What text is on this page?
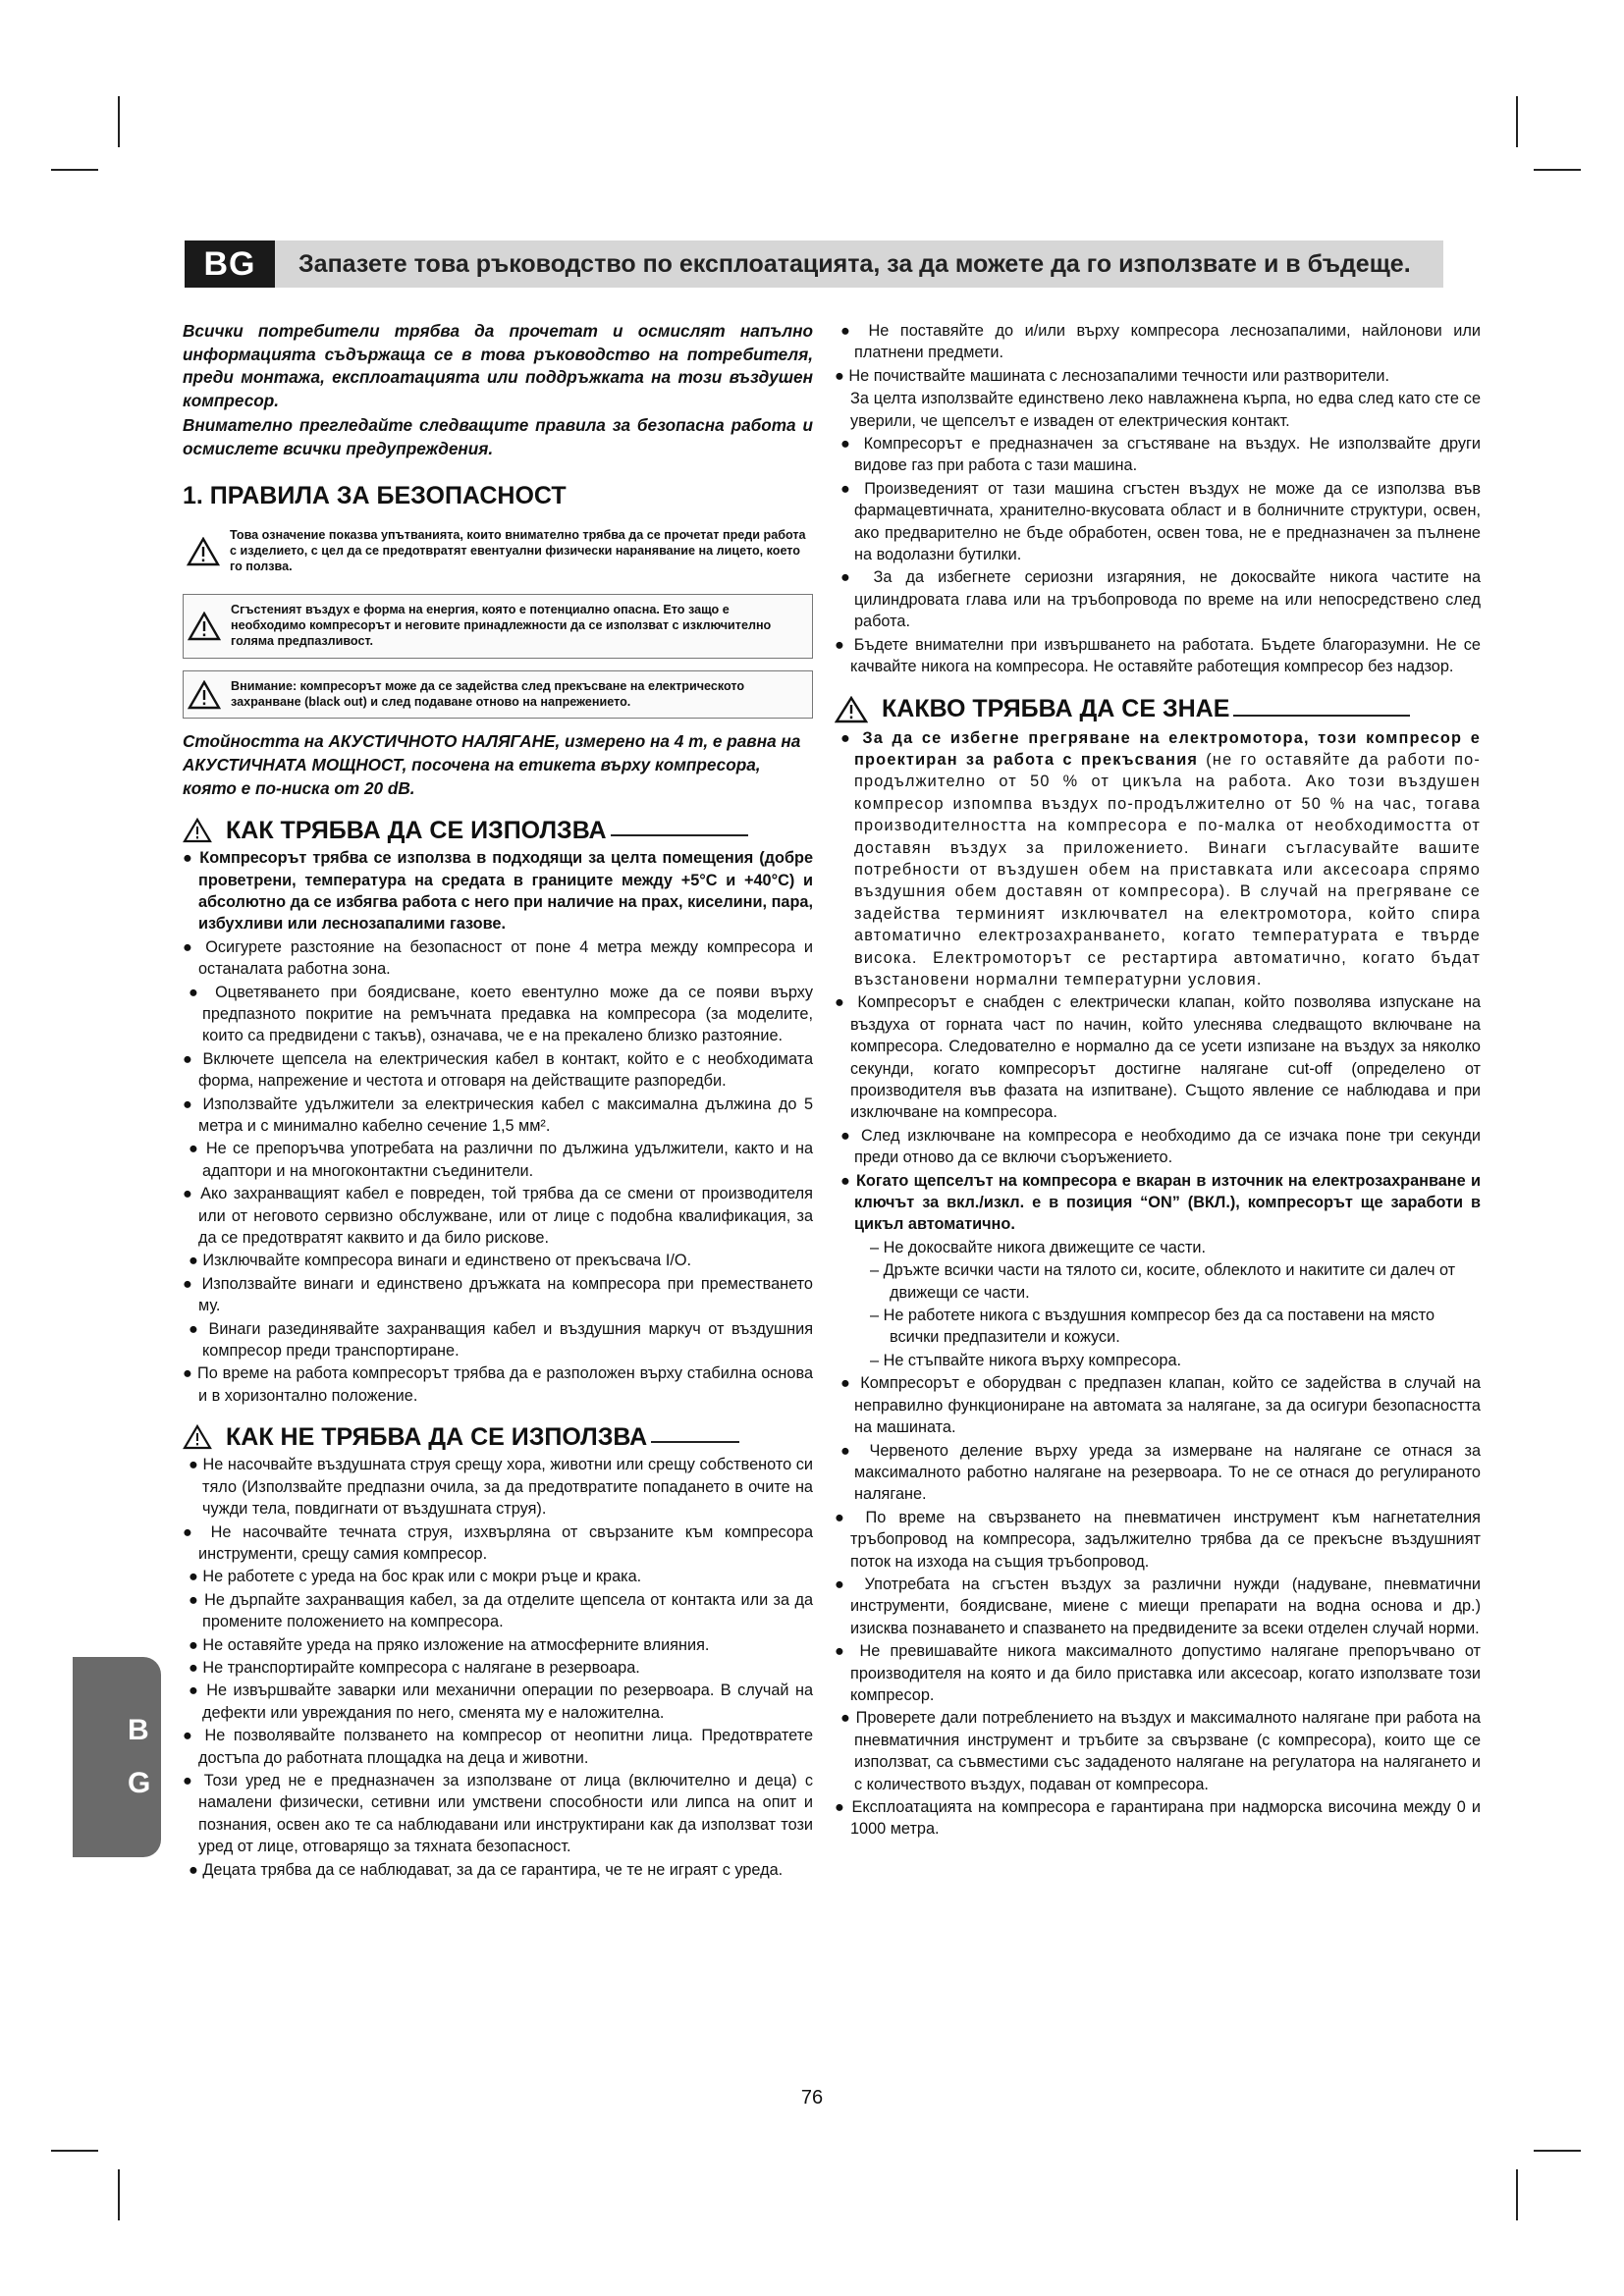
BG	Запазете това ръководство по експлоатацията, за да можете да го използвате и в бъдеще.

Всички потребители трябва да прочетат и осмислят напълно информацията съдържаща се в това ръководство на потребителя, преди монтажа, експлоатацията или поддръжката на този въздушен компресор.

Внимателно прегледайте следващите правила за безопасна работа и осмислете всички предупреждения.

1. ПРАВИЛА ЗА БЕЗОПАСНОСТ
Това означение показва упътванията, които внимателно трябва да се прочетат преди работа с изделието, с цел да се предотвратят евентуални физически наранявание на лицето, което го ползва.
Сгъстеният въздух е форма на енергия, която е потенциално опасна. Ето защо е необходимо компресорът и неговите принадлежности да се използват с изключително голяма предпазливост.
Внимание: компресорът може да се задейства след прекъсване на електрическото захранване (black out) и след подаване отново на напрежението.

Стойността на АКУСТИЧНОТО НАЛЯГАНЕ, измерено на 4 m, е равна на АКУСТИЧНАТА МОЩНОСТ, посочена на етикета върху компресора, която е по-ниска от 20 dB.

КАК ТРЯБВА ДА СЕ ИЗПОЛЗВА

● Компресорът трябва се използва в подходящи за целта помещения (добре проветрени, температура на средата в границите между +5°C и +40°C) и абсолютно да се избягва работа с него при наличие на прах, киселини, пара, избухливи или леснозапалими газове.

● Осигурете разстояние на безопасност от поне 4 метра между компресора и останалата работна зона.

● Оцветяването при боядисване, което евентулно може да се появи върху предпазното покритие на ремъчната предавка на компресора (за моделите, които са предвидени с такъв), означава, че е на прекалено близко разтояние.

● Включете щепсела на електрическия кабел в контакт, който е с необходимата форма, напрежение и честота и отговаря на действащите разпоредби.

● Използвайте удължители за електрическия кабел с максимална дължина до 5 метра и с минимално кабелно сечение 1,5 мм².

● Не се препоръчва употребата на различни по дължина удължители, както и на адаптори и на многоконтактни съединители.

● Ако захранващият кабел е повреден, той трябва да се смени от производителя или от неговото сервизно обслужване, или от лице с подобна квалификация, за да се предотвратят каквито и да било рискове.

● Изключвайте компресора винаги и единствено от прекъсвача I/O.

● Използвайте винаги и единствено дръжката на компресора при преместването му.

● Винаги разединявайте захранващия кабел и въздушния маркуч от въздушния компресор преди транспортиране.

● По време на работа компресорът трябва да е разположен върху стабилна основа и в хоризонтално положение.

КАК НЕ ТРЯБВА ДА СЕ ИЗПОЛЗВА

● Не насочвайте въздушната струя срещу хора, животни или срещу собственото си тяло (Използвайте предпазни очила, за да предотвратите попадането в очите на чужди тела, повдигнати от въздушната струя).

● Не насочвайте течната струя, изхвърляна от свързаните към компресора инструменти, срещу самия компресор.

● Не работете с уреда на бос крак или с мокри ръце и крака.

● Не дърпайте захранващия кабел, за да отделите щепсела от контакта или за да промените положението на компресора.

● Не оставяйте уреда на пряко изложение на атмосферните влияния.

● Не транспортирайте компресора с налягане в резервоара.

● Не извършвайте заварки или механични операции по резервоара. В случай на дефекти или увреждания по него, сменята му е наложителна.

● Не позволявайте ползването на компресор от неопитни лица. Предотвратете достъпа до работната площадка на деца и животни.

● Този уред не е предназначен за използване от лица (включително и деца) с намалени физически, сетивни или умствени способности или липса на опит и познания, освен ако те са наблюдавани или инструктирани как да използват този уред от лице, отговарящо за тяхната безопасност.

● Децата трябва да се наблюдават, за да се гарантира, че те не играят с уреда.

● Не поставяйте до и/или върху компресора леснозапалими, найлонови или платнени предмети.

● Не почиствайте машината с леснозапалими течности или разтворители.

За целта използвайте единствено леко навлажнена кърпа, но едва след като сте се уверили, че щепселът е изваден от електрическия контакт.

● Компресорът е предназначен за сгъстяване на въздух. Не използвайте други видове газ при работа с тази машина.

● Произведеният от тази машина сгъстен въздух не може да се използва във фармацевтичната, хранително-вкусовата област и в болничните структури, освен, ако предварително не бъде обработен, освен това, не е предназначен за пълнене на водолазни бутилки.

● За да избегнете сериозни изгаряния, не докосвайте никога частите на цилиндровата глава или на тръбопровода по време на или непосредствено след работа.

● Бъдете внимателни при извършването на работата. Бъдете благоразумни. Не се качвайте никога на компресора. Не оставяйте работещия компресор без надзор.

КАКВО ТРЯБВА ДА СЕ ЗНАЕ

● За да се избегне прегряване на електромотора, този компресор е проектиран за работа с прекъсвания (не го оставяйте да работи по-продължително от 50 % от цикъла на работа. Ако този въздушен компресор изпомпва въздух по-продължително от 50 % на час, тогава производителността на компресора е по-малка от необходимостта от доставян въздух за приложението. Винаги съгласувайте вашите потребности от въздушен обем на приставката или аксесоара спрямо въздушния обем доставян от компресора). В случай на прегряване се задейства терминият изключвател на електромотора, който спира автоматично електрозахранването, когато температурата е твърде висока. Електромоторът се рестартира автоматично, когато бъдат възстановени нормални температурни условия.

● Компресорът е снабден с електрически клапан, който позволява изпускане на въздуха от горната част по начин, който улеснява следващото включване на компресора. Следователно е нормално да се усети изпизане на въздух за няколко секунди, когато компресорът достигне налягане cut-off (определено от производителя във фазата на изпитване). Същото явление се наблюдава и при изключване на компресора.

● След изключване на компресора е необходимо да се изчака поне три секунди преди отново да се включи съоръжението.

● Когато щепселът на компресора е вкаран в източник на електрозахранване и ключът за вкл./изкл. е в позиция “ON” (ВКЛ.), компресорът ще заработи в цикъл автоматично.

– Не докосвайте никога движещите се части.

– Дръжте всички части на тялото си, косите, облеклото и накитите си далеч от движещи се части.

– Не работете никога с въздушния компресор без да са поставени на място всички предпазители и кожуси.

– Не стъпвайте никога върху компресора.

● Компресорът е оборудван с предпазен клапан, който се задейства в случай на неправилно функциониране на автомата за налягане, за да осигури безопасността на машината.

● Червеното деление върху уреда за измерване на налягане се отнася за максималното работно налягане на резервоара. То не се отнася до регулираното налягане.

● По време на свързването на пневматичен инструмент към нагнетателния тръбопровод на компресора, задължително трябва да се прекъсне въздушният поток на изхода на същия тръбопровод.

● Употребата на сгъстен въздух за различни нужди (надуване, пневматични инструменти, боядисване, миене с миещи препарати на водна основа и др.) изисква познаването и спазването на предвидените за всеки отделен случай норми.

● Не превишавайте никога максималното допустимо налягане препоръчвано от производителя на която и да било приставка или аксесоар, когато използвате този компресор.

● Проверете дали потреблението на въздух и максималното налягане при работа на пневматичния инструмент и тръбите за свързване (с компресора), които ще се използват, са съвместими със зададеното налягане на регулатора на налягането и с количеството въздух, подаван от компресора.

● Експлоатацията на компресора е гарантирана при надморска височина между 0 и 1000 метра.

B
G
76
